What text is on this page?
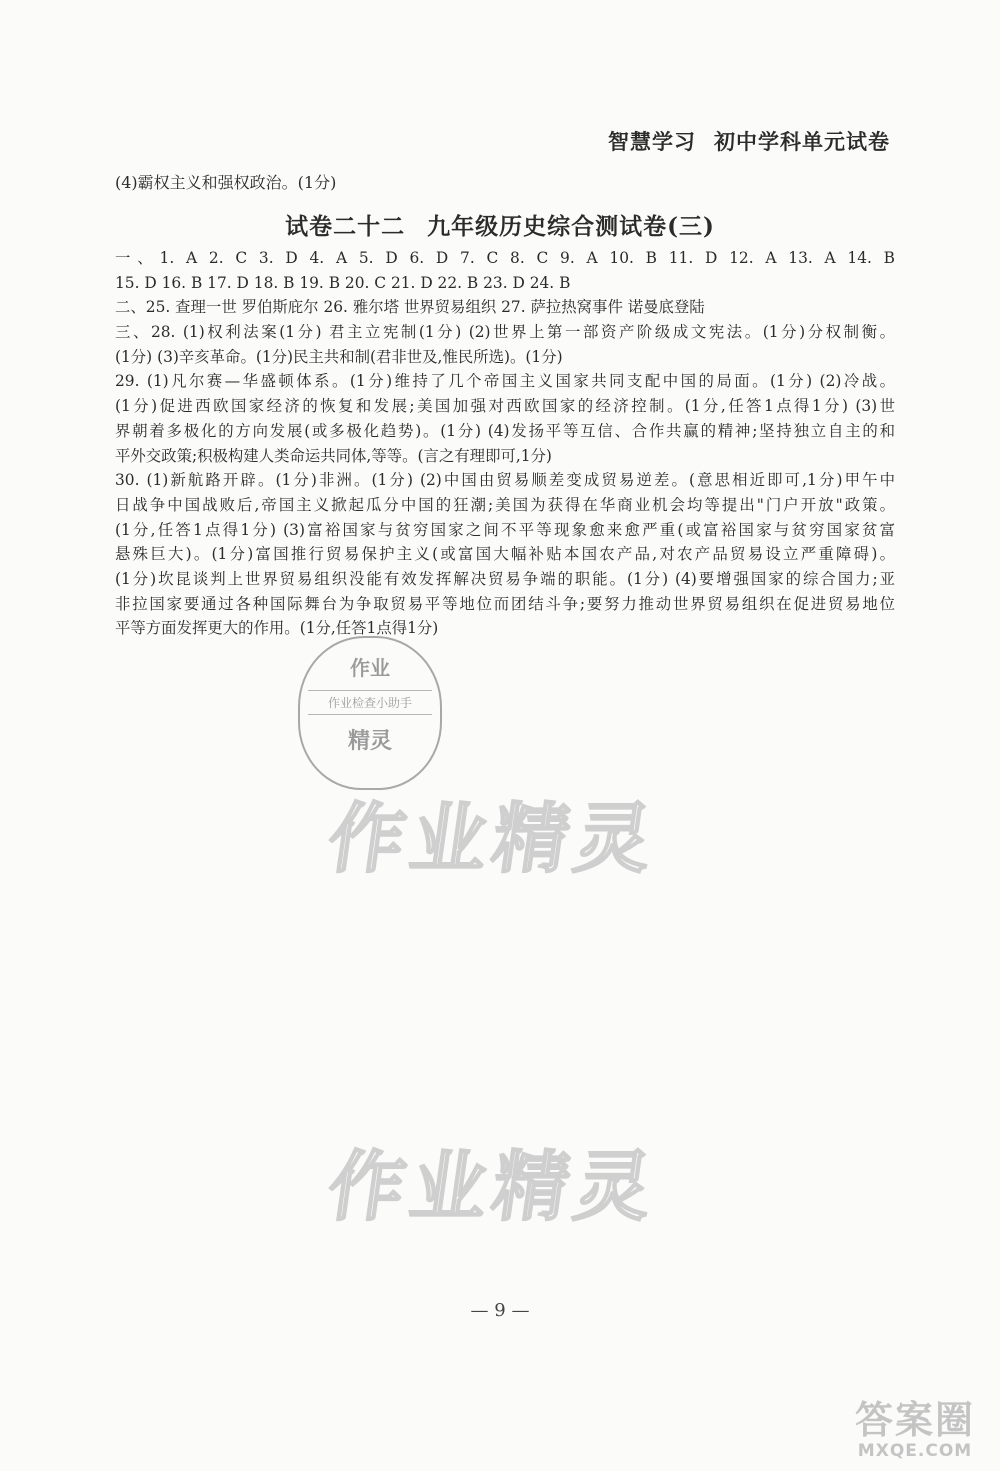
智慧学习 初中学科单元试卷
(4)霸权主义和强权政治。(1分)
试卷二十二 九年级历史综合测试卷(三)
一、1. A 2. C 3. D 4. A 5. D 6. D 7. C 8. C 9. A 10. B 11. D 12. A 13. A 14. B
15. D 16. B 17. D 18. B 19. B 20. C 21. D 22. B 23. D 24. B
二、25. 查理一世 罗伯斯庇尔 26. 雅尔塔 世界贸易组织 27. 萨拉热窝事件 诺曼底登陆
三、28. (1)权利法案(1分) 君主立宪制(1分) (2)世界上第一部资产阶级成文宪法。(1分)分权制衡。
(1分) (3)辛亥革命。(1分)民主共和制(君非世及,惟民所选)。(1分)
29. (1)凡尔赛—华盛顿体系。(1分)维持了几个帝国主义国家共同支配中国的局面。(1分) (2)冷战。
(1分)促进西欧国家经济的恢复和发展;美国加强对西欧国家的经济控制。(1分,任答1点得1分) (3)世
界朝着多极化的方向发展(或多极化趋势)。(1分) (4)发扬平等互信、合作共赢的精神;坚持独立自主的和
平外交政策;积极构建人类命运共同体,等等。(言之有理即可,1分)
30. (1)新航路开辟。(1分)非洲。(1分) (2)中国由贸易顺差变成贸易逆差。(意思相近即可,1分)甲午中
日战争中国战败后,帝国主义掀起瓜分中国的狂潮;美国为获得在华商业机会均等提出"门户开放"政策。
(1分,任答1点得1分) (3)富裕国家与贫穷国家之间不平等现象愈来愈严重(或富裕国家与贫穷国家贫富
悬殊巨大)。(1分)富国推行贸易保护主义(或富国大幅补贴本国农产品,对农产品贸易设立严重障碍)。
(1分)坎昆谈判上世界贸易组织没能有效发挥解决贸易争端的职能。(1分) (4)要增强国家的综合国力;亚
非拉国家要通过各种国际舞台为争取贸易平等地位而团结斗争;要努力推动世界贸易组织在促进贸易地位
平等方面发挥更大的作用。(1分,任答1点得1分)
作业
作业检查小助手
精灵
作业精灵
作业精灵
— 9 —
答案圈
MXQE.COM
